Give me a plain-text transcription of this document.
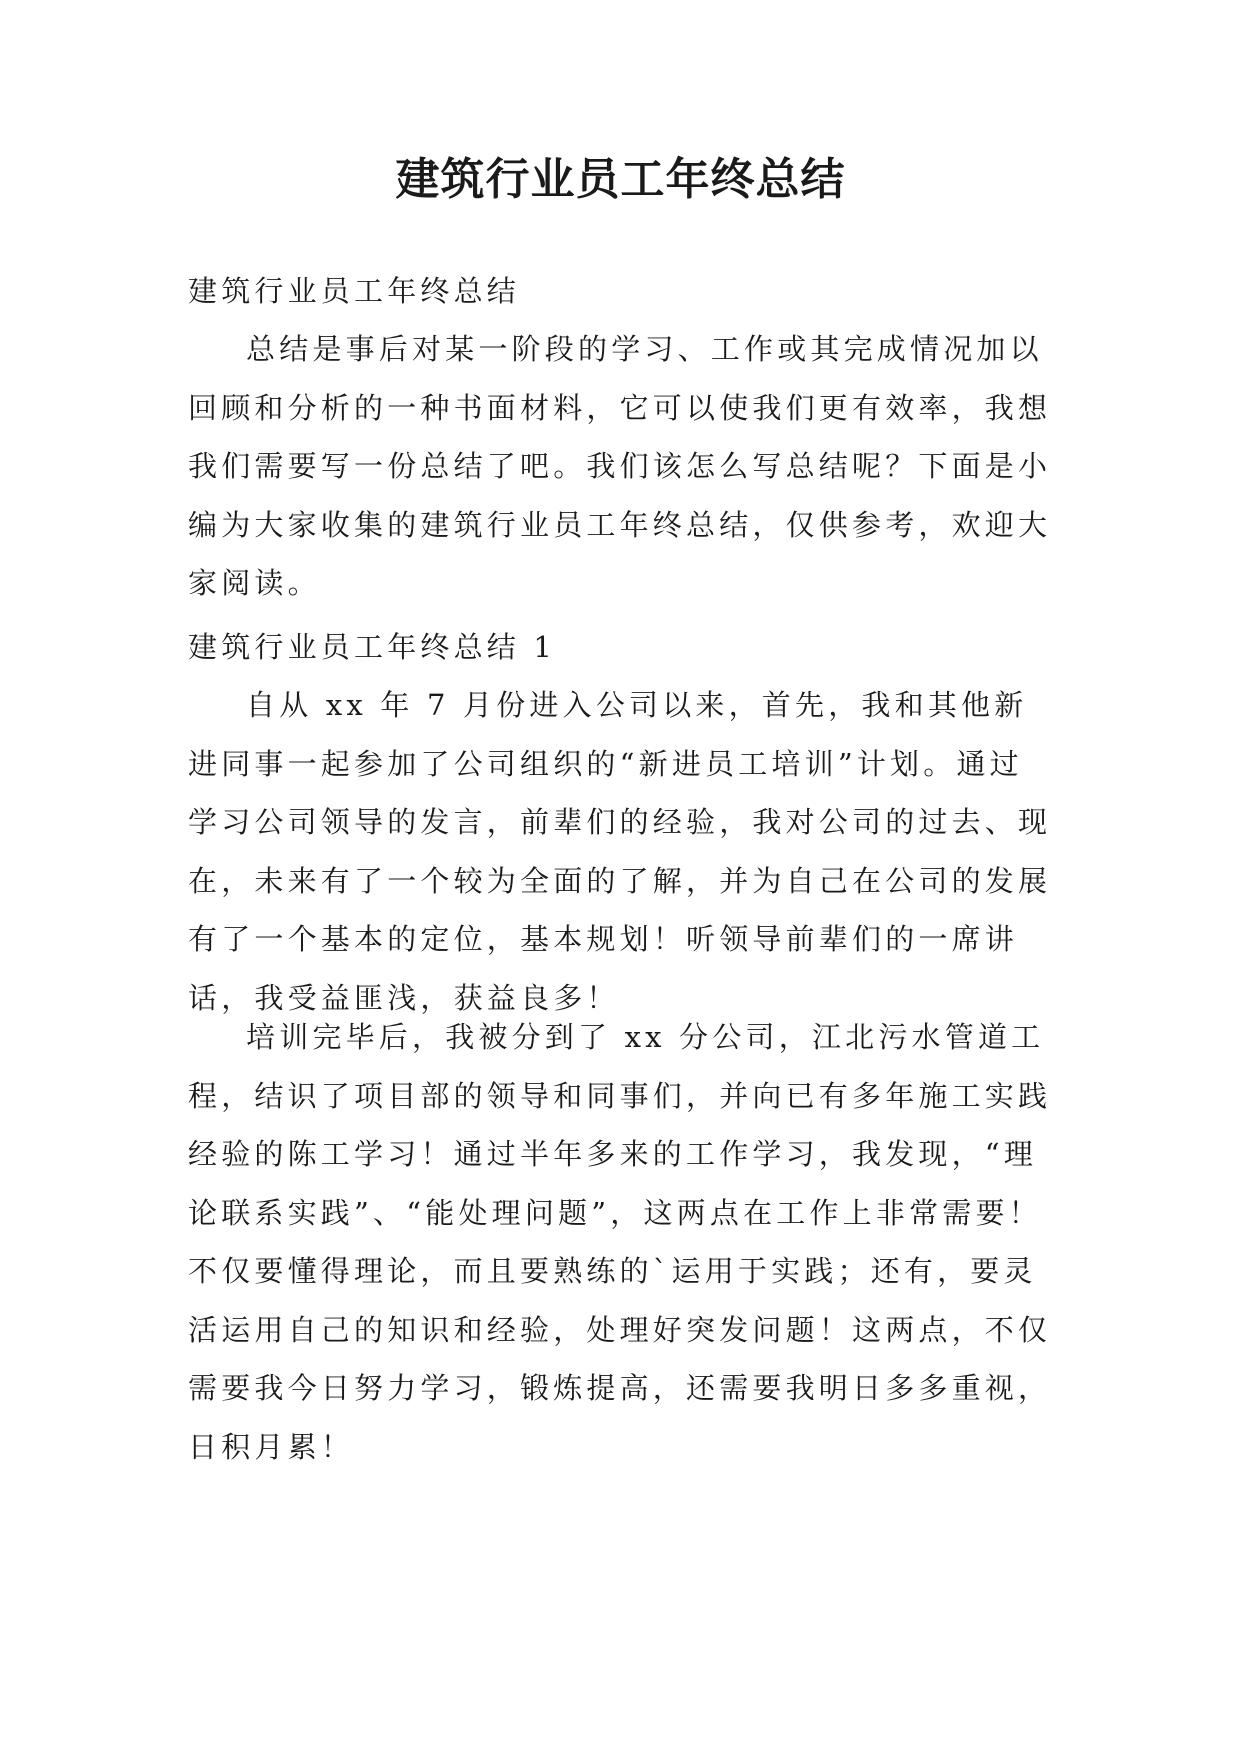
建筑行业员工年终总结

建筑行业员工年终总结

总结是事后对某一阶段的学习、工作或其完成情况加以回顾和分析的一种书面材料，它可以使我们更有效率，我想我们需要写一份总结了吧。我们该怎么写总结呢？下面是小编为大家收集的建筑行业员工年终总结，仅供参考，欢迎大家阅读。

建筑行业员工年终总结 1

自从 xx 年 7 月份进入公司以来，首先，我和其他新进同事一起参加了公司组织的“新进员工培训”计划。通过学习公司领导的发言，前辈们的经验，我对公司的过去、现在，未来有了一个较为全面的了解，并为自己在公司的发展有了一个基本的定位，基本规划！听领导前辈们的一席讲话，我受益匪浅，获益良多！

培训完毕后，我被分到了 xx 分公司，江北污水管道工程，结识了项目部的领导和同事们，并向已有多年施工实践经验的陈工学习！通过半年多来的工作学习，我发现，“理论联系实践”、“能处理问题”，这两点在工作上非常需要！不仅要懂得理论，而且要熟练的`运用于实践；还有，要灵活运用自己的知识和经验，处理好突发问题！这两点，不仅需要我今日努力学习，锻炼提高，还需要我明日多多重视，日积月累！
